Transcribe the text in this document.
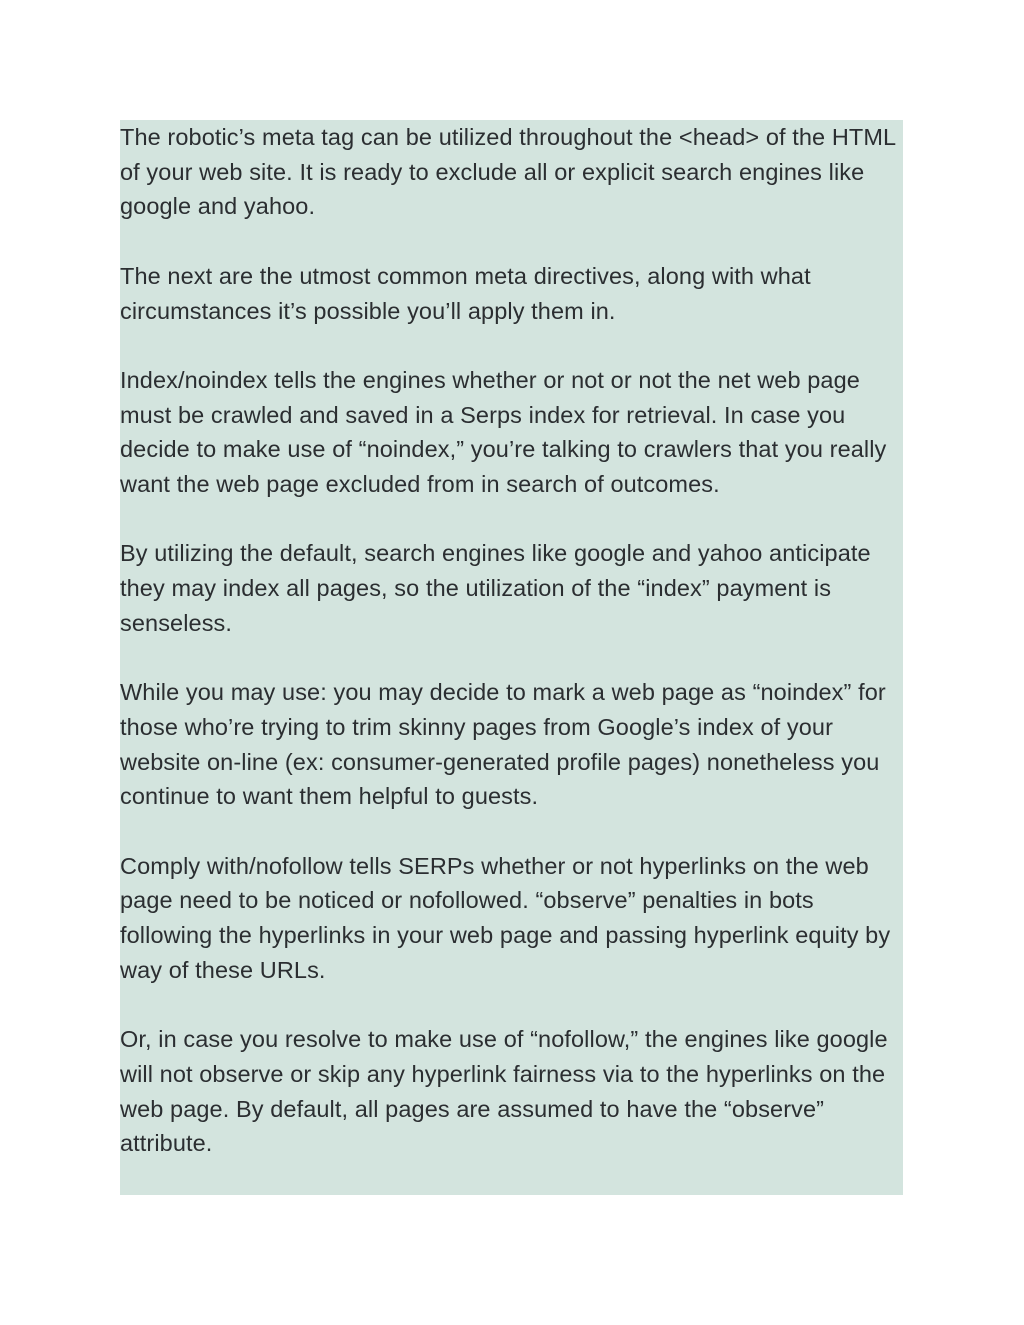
The robotic’s meta tag can be utilized throughout the <head> of the HTML of your web site. It is ready to exclude all or explicit search engines like google and yahoo.

The next are the utmost common meta directives, along with what circumstances it’s possible you’ll apply them in.

Index/noindex tells the engines whether or not or not the net web page must be crawled and saved in a Serps index for retrieval. In case you decide to make use of “noindex,” you’re talking to crawlers that you really want the web page excluded from in search of outcomes.

By utilizing the default, search engines like google and yahoo anticipate they may index all pages, so the utilization of the “index” payment is senseless.

While you may use: you may decide to mark a web page as “noindex” for those who’re trying to trim skinny pages from Google’s index of your website on-line (ex: consumer-generated profile pages) nonetheless you continue to want them helpful to guests.

Comply with/nofollow tells SERPs whether or not hyperlinks on the web page need to be noticed or nofollowed. “observe” penalties in bots following the hyperlinks in your web page and passing hyperlink equity by way of these URLs.

Or, in case you resolve to make use of “nofollow,” the engines like google will not observe or skip any hyperlink fairness via to the hyperlinks on the web page. By default, all pages are assumed to have the “observe” attribute.
